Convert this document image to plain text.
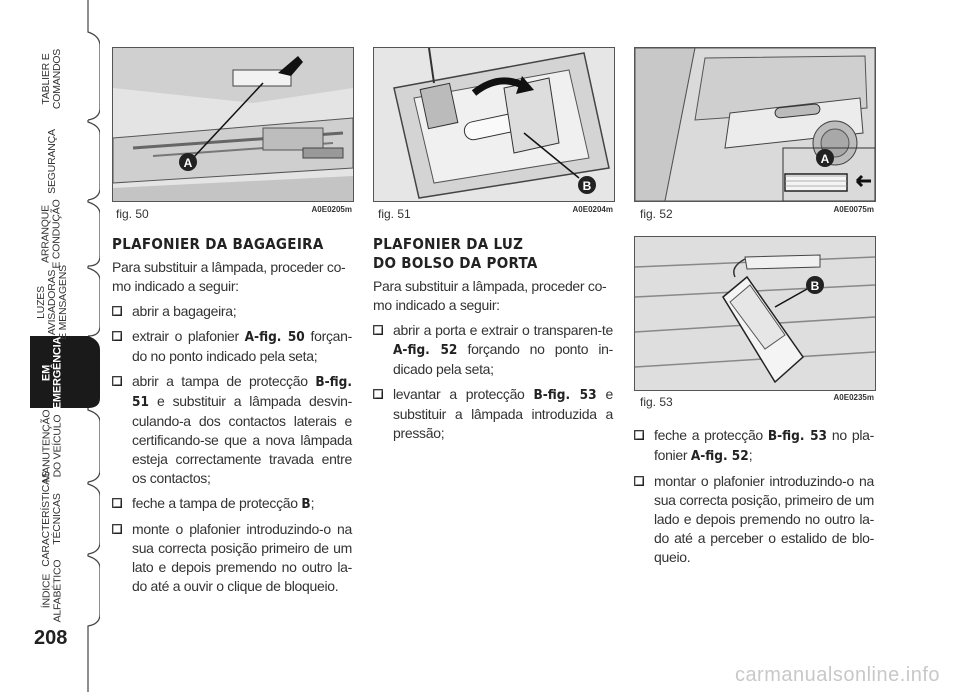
TABLIER E
COMANDOS
SEGURANÇA
ARRANQUE
E CONDUÇÃO
LUZES
AVISADORAS
E MENSAGENS
EM
EMERGÊNCIA
MANUTENÇÃO
DO VEÍCULO
CARACTERÍSTICAS
TÉCNICAS
ÍNDICE
ALFABÉTICO
208
A
fig. 50	A0E0205m
B
fig. 51	A0E0204m
A
fig. 52	A0E0075m
B
fig. 53	A0E0235m
PLAFONIER DA BAGAGEIRA

Para substituir a lâmpada, proceder co-mo indicado a seguir:

abrir a bagageira;
extrair o plafonier A-fig. 50 forçan-do no ponto indicado pela seta;
abrir a tampa de protecção B-fig. 51 e substituir a lâmpada desvin-culando-a dos contactos laterais e certificando-se que a nova lâmpada esteja correctamente travada entre os contactos;
feche a tampa de protecção B;
monte o plafonier introduzindo-o na sua correcta posição primeiro de um lato e depois premendo no outro la-do até a ouvir o clique de bloqueio.
PLAFONIER DA LUZ
DO BOLSO DA PORTA

Para substituir a lâmpada, proceder co-mo indicado a seguir:

abrir a porta e extrair o transparen-te A-fig. 52 forçando no ponto in-dicado pela seta;
levantar a protecção B-fig. 53 e substituir a lâmpada introduzida a pressão;	feche a protecção B-fig. 53 no pla-fonier A-fig. 52;
montar o plafonier introduzindo-o na sua correcta posição, primeiro de um lado e depois premendo no outro la-do até a perceber o estalido de blo-queio.
carmanualsonline.info
